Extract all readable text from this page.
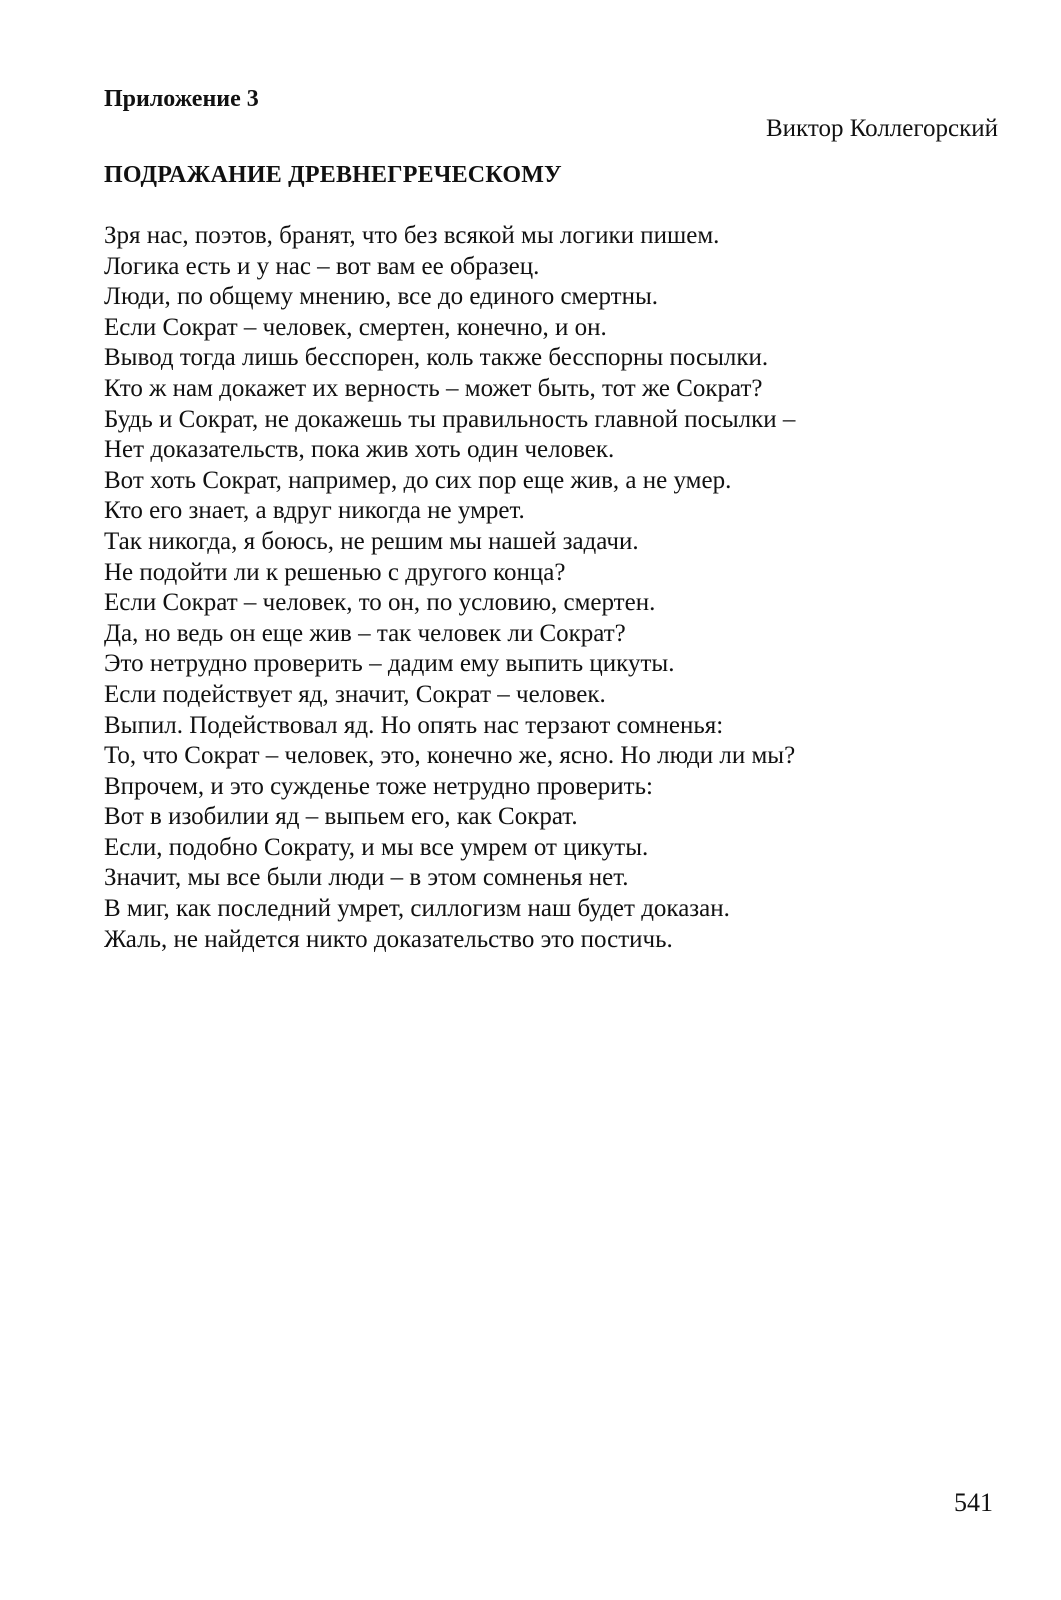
Приложение 3

Виктор Коллегорский

ПОДРАЖАНИЕ ДРЕВНЕГРЕЧЕСКОМУ
Зря нас, поэтов, бранят, что без всякой мы логики пишем.
Логика есть и у нас – вот вам ее образец.
Люди, по общему мнению, все до единого смертны.
Если Сократ – человек, смертен, конечно, и он.
Вывод тогда лишь бесспорен, коль также бесспорны посылки.
Кто ж нам докажет их верность – может быть, тот же Сократ?
Будь и Сократ, не докажешь ты правильность главной посылки –
Нет доказательств, пока жив хоть один человек.
Вот хоть Сократ, например, до сих пор еще жив, а не умер.
Кто его знает, а вдруг никогда не умрет.
Так никогда, я боюсь, не решим мы нашей задачи.
Не подойти ли к решенью с другого конца?
Если Сократ – человек, то он, по условию, смертен.
Да, но ведь он еще жив – так человек ли Сократ?
Это нетрудно проверить – дадим ему выпить цикуты.
Если подействует яд, значит, Сократ – человек.
Выпил. Подействовал яд. Но опять нас терзают сомненья:
То, что Сократ – человек, это, конечно же, ясно. Но люди ли мы?
Впрочем, и это сужденье тоже нетрудно проверить:
Вот в изобилии яд – выпьем его, как Сократ.
Если, подобно Сократу, и мы все умрем от цикуты.
Значит, мы все были люди – в этом сомненья нет.
В миг, как последний умрет, силлогизм наш будет доказан.
Жаль, не найдется никто доказательство это постичь.

541
